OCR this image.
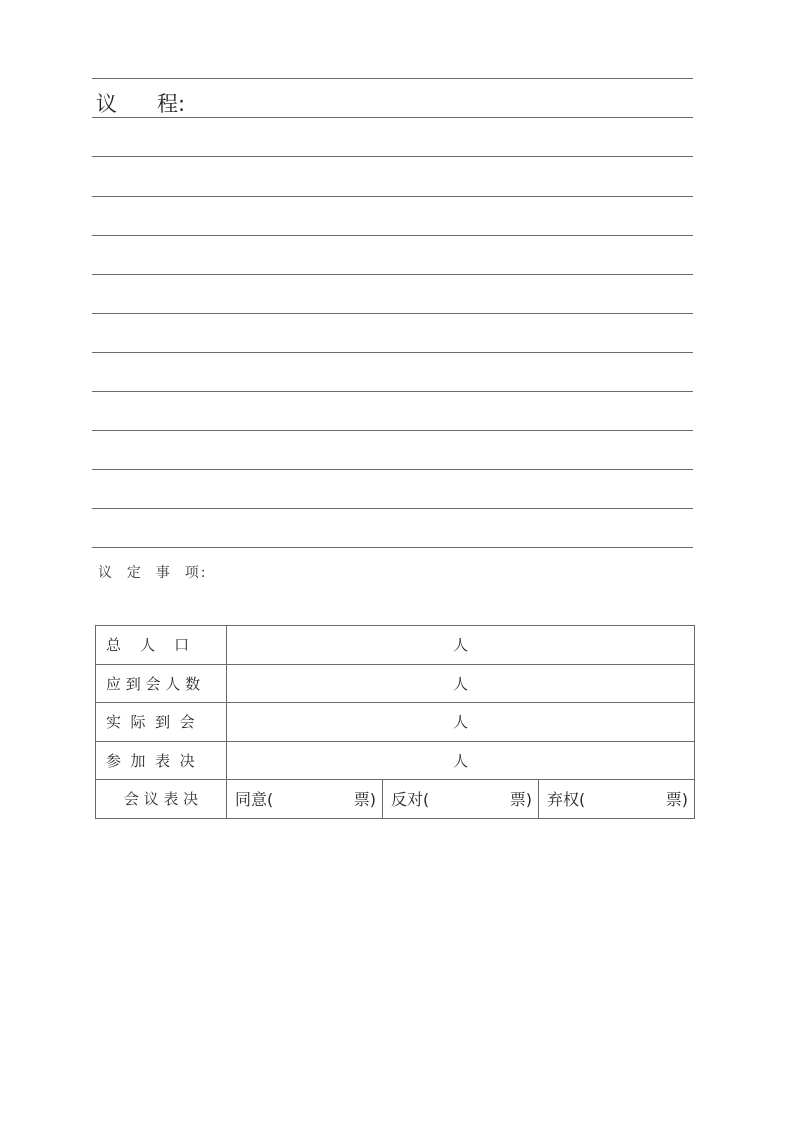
议      程:
议  定  事  项:
总    人    口	人		
应 到 会 人 数	人		
实  际  到  会	人		
参  加  表  决	人		
会 议 表 决	同意( 票)	反对( 票)	弃权( 票)
